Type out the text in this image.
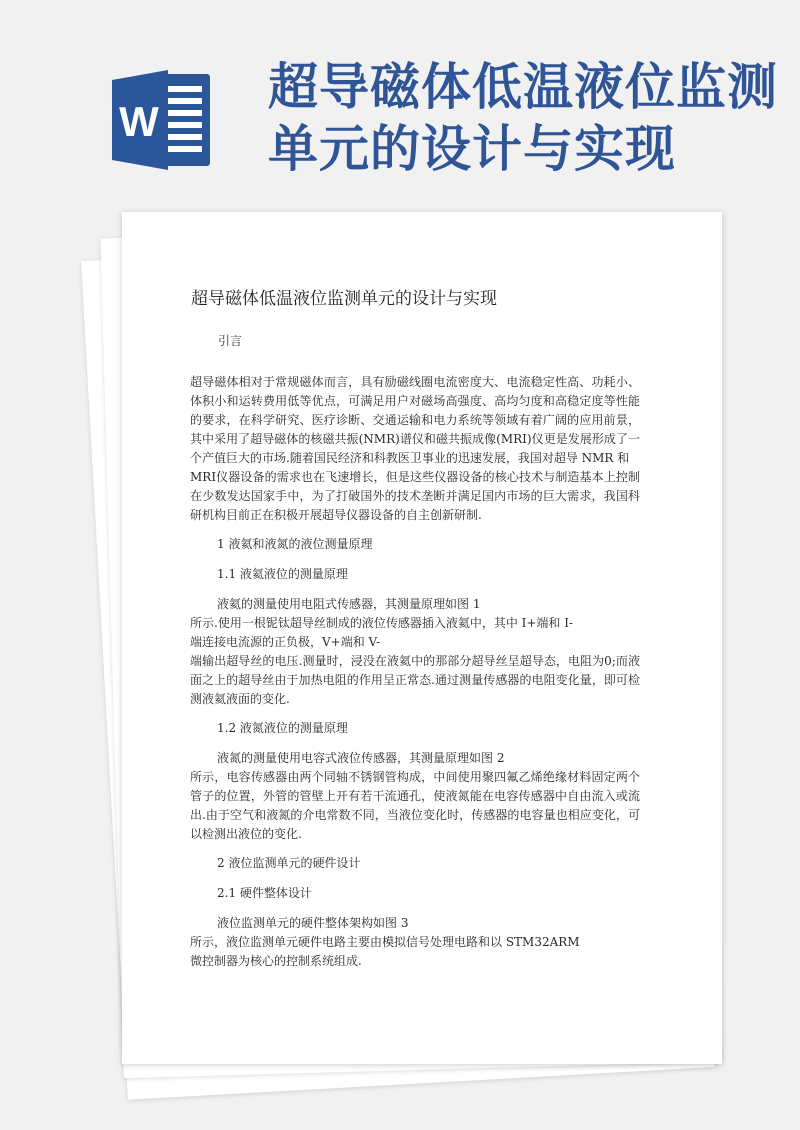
W
超导磁体低温液位监测
单元的设计与实现
超导磁体低温液位监测单元的设计与实现
引言

超导磁体相对于常规磁体而言，具有励磁线圈电流密度大、电流稳定性高、功耗小、体积小和运转费用低等优点，可满足用户对磁场高强度、高均匀度和高稳定度等性能的要求，在科学研究、医疗诊断、交通运输和电力系统等领域有着广阔的应用前景，其中采用了超导磁体的核磁共振(NMR)谱仪和磁共振成像(MRI)仪更是发展形成了一个产值巨大的市场.随着国民经济和科教医卫事业的迅速发展，我国对超导 NMR 和

MRI仪器设备的需求也在飞速增长，但是这些仪器设备的核心技术与制造基本上控制在少数发达国家手中，为了打破国外的技术垄断并满足国内市场的巨大需求，我国科研机构目前正在积极开展超导仪器设备的自主创新研制.

1 液氦和液氮的液位测量原理

1.1 液氦液位的测量原理

液氦的测量使用电阻式传感器，其测量原理如图 1

所示.使用一根铌钛超导丝制成的液位传感器插入液氦中，其中 I+端和 I-

端连接电流源的正负极，V+端和 V-

端输出超导丝的电压.测量时，浸没在液氦中的那部分超导丝呈超导态，电阻为0;而液面之上的超导丝由于加热电阻的作用呈正常态.通过测量传感器的电阻变化量，即可检测液氦液面的变化.

1.2 液氮液位的测量原理

液氮的测量使用电容式液位传感器，其测量原理如图 2

所示，电容传感器由两个同轴不锈钢管构成，中间使用聚四氟乙烯绝缘材料固定两个管子的位置，外管的管壁上开有若干流通孔，使液氮能在电容传感器中自由流入或流出.由于空气和液氮的介电常数不同，当液位变化时，传感器的电容量也相应变化，可以检测出液位的变化.

2 液位监测单元的硬件设计

2.1 硬件整体设计

液位监测单元的硬件整体架构如图 3

所示，液位监测单元硬件电路主要由模拟信号处理电路和以 STM32ARM

微控制器为核心的控制系统组成.
